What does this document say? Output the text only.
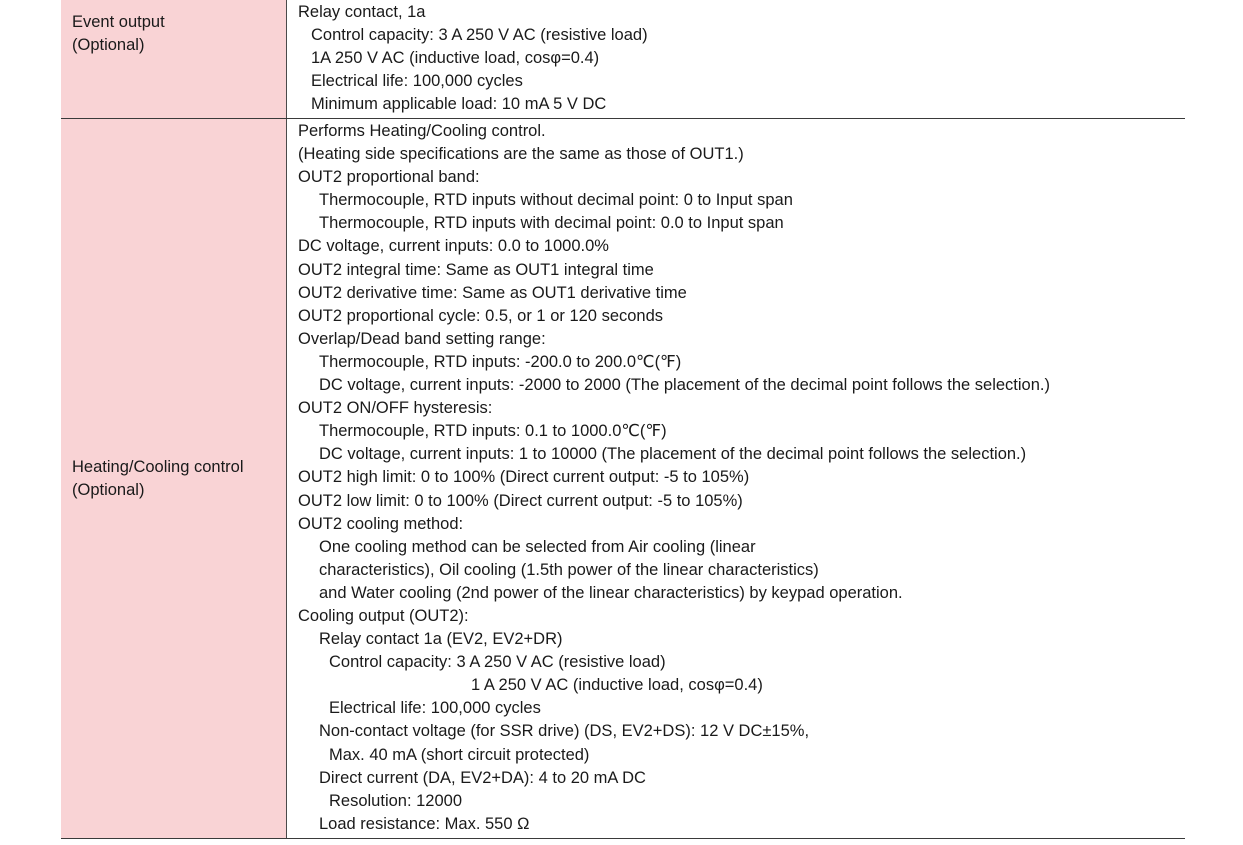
Event output
(Optional)
Relay contact, 1a
Control capacity: 3 A 250 V AC (resistive load)
1A 250 V AC (inductive load, cosφ=0.4)
Electrical life: 100,000 cycles
Minimum applicable load: 10 mA 5 V DC
Heating/Cooling control
(Optional)
Performs Heating/Cooling control.
(Heating side specifications are the same as those of OUT1.)
OUT2 proportional band:
Thermocouple, RTD inputs without decimal point: 0 to Input span
Thermocouple, RTD inputs with decimal point: 0.0 to Input span
DC voltage, current inputs: 0.0 to 1000.0%
OUT2 integral time: Same as OUT1 integral time
OUT2 derivative time: Same as OUT1 derivative time
OUT2 proportional cycle: 0.5, or 1 or 120 seconds
Overlap/Dead band setting range:
Thermocouple, RTD inputs: -200.0 to 200.0℃(℉)
DC voltage, current inputs: -2000 to 2000 (The placement of the decimal point follows the selection.)
OUT2 ON/OFF hysteresis:
Thermocouple, RTD inputs: 0.1 to 1000.0℃(℉)
DC voltage, current inputs: 1 to 10000 (The placement of the decimal point follows the selection.)
OUT2 high limit: 0 to 100% (Direct current output: -5 to 105%)
OUT2 low limit: 0 to 100% (Direct current output: -5 to 105%)
OUT2 cooling method:
One cooling method can be selected from Air cooling (linear
characteristics), Oil cooling (1.5th power of the linear characteristics)
and Water cooling (2nd power of the linear characteristics) by keypad operation.
Cooling output (OUT2):
Relay contact 1a (EV2, EV2+DR)
Control capacity: 3 A 250 V AC (resistive load)
1 A 250 V AC (inductive load, cosφ=0.4)
Electrical life: 100,000 cycles
Non-contact voltage (for SSR drive) (DS, EV2+DS): 12 V DC±15%,
Max. 40 mA (short circuit protected)
Direct current (DA, EV2+DA): 4 to 20 mA DC
Resolution: 12000
Load resistance: Max. 550 Ω
